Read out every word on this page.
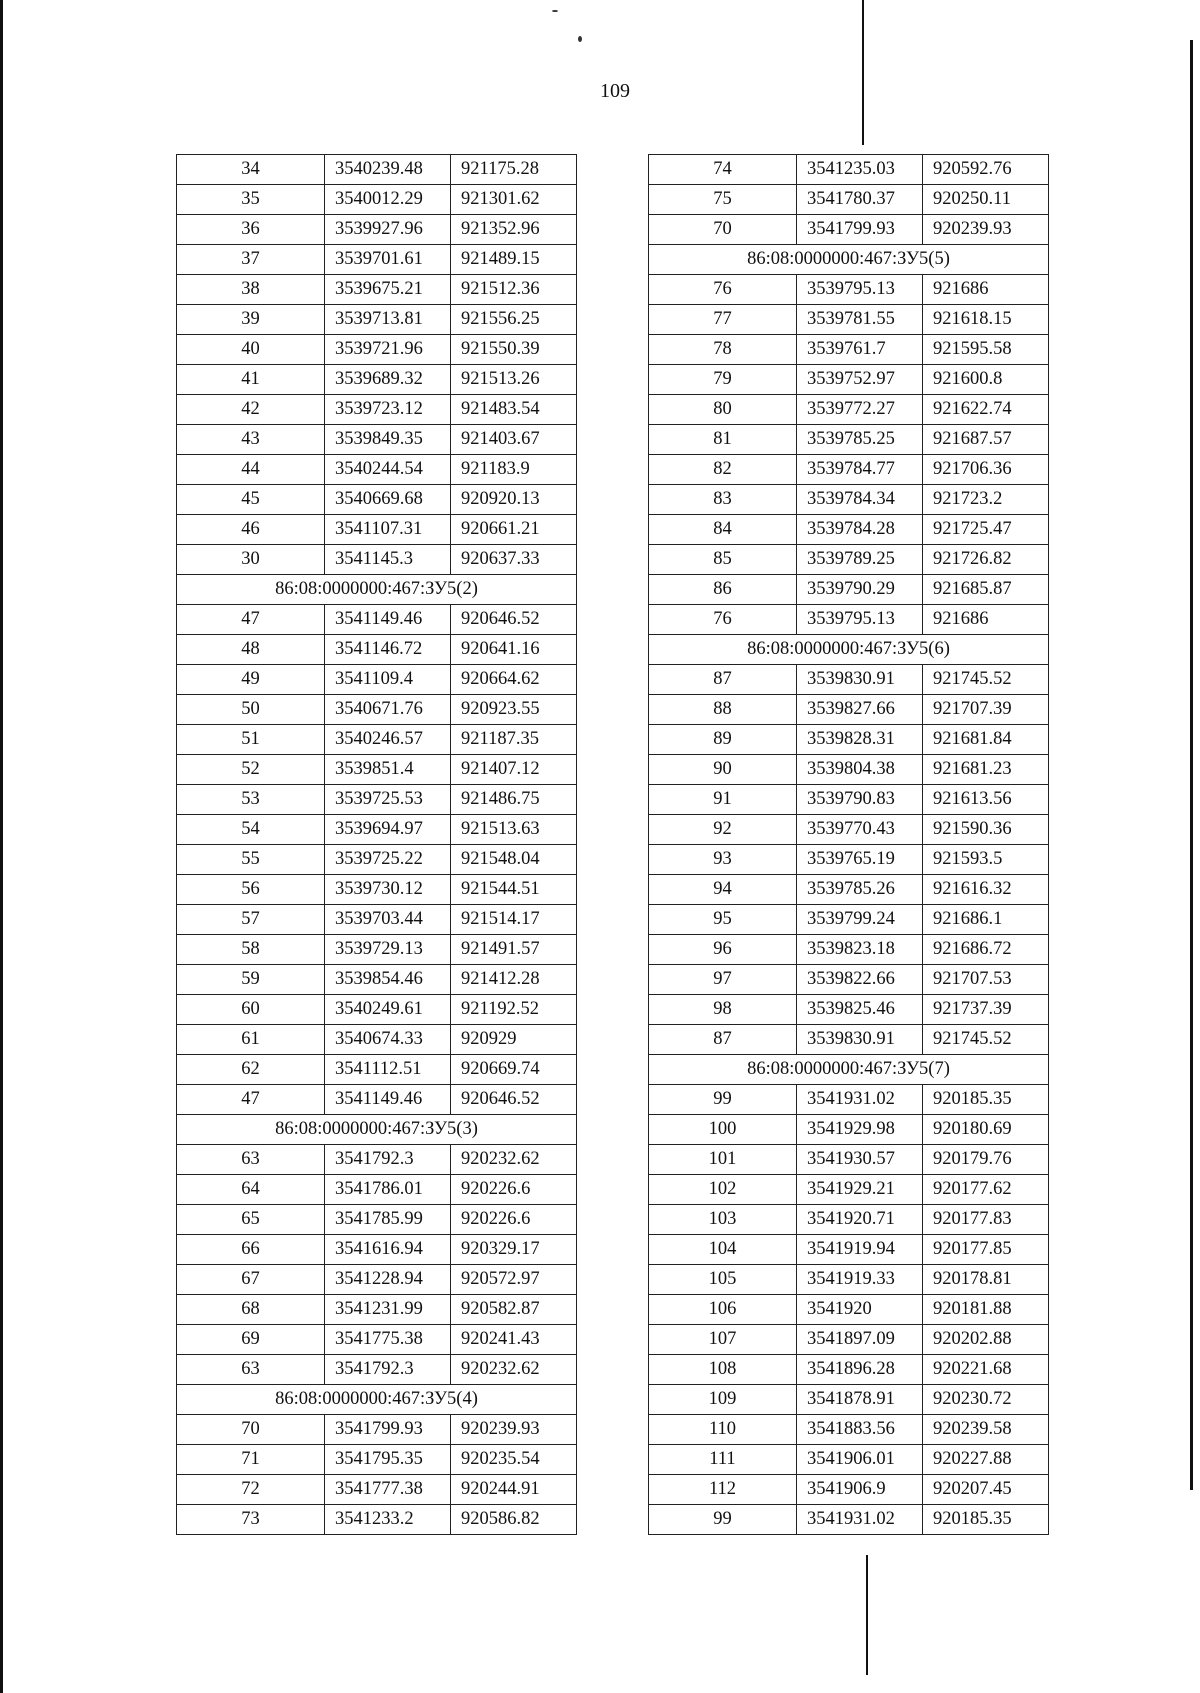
109
34	3540239.48	921175.28
35	3540012.29	921301.62
36	3539927.96	921352.96
37	3539701.61	921489.15
38	3539675.21	921512.36
39	3539713.81	921556.25
40	3539721.96	921550.39
41	3539689.32	921513.26
42	3539723.12	921483.54
43	3539849.35	921403.67
44	3540244.54	921183.9
45	3540669.68	920920.13
46	3541107.31	920661.21
30	3541145.3	920637.33
86:08:0000000:467:ЗУ5(2)		
47	3541149.46	920646.52
48	3541146.72	920641.16
49	3541109.4	920664.62
50	3540671.76	920923.55
51	3540246.57	921187.35
52	3539851.4	921407.12
53	3539725.53	921486.75
54	3539694.97	921513.63
55	3539725.22	921548.04
56	3539730.12	921544.51
57	3539703.44	921514.17
58	3539729.13	921491.57
59	3539854.46	921412.28
60	3540249.61	921192.52
61	3540674.33	920929
62	3541112.51	920669.74
47	3541149.46	920646.52
86:08:0000000:467:ЗУ5(3)		
63	3541792.3	920232.62
64	3541786.01	920226.6
65	3541785.99	920226.6
66	3541616.94	920329.17
67	3541228.94	920572.97
68	3541231.99	920582.87
69	3541775.38	920241.43
63	3541792.3	920232.62
86:08:0000000:467:ЗУ5(4)		
70	3541799.93	920239.93
71	3541795.35	920235.54
72	3541777.38	920244.91
73	3541233.2	920586.82
74	3541235.03	920592.76
75	3541780.37	920250.11
70	3541799.93	920239.93
86:08:0000000:467:ЗУ5(5)		
76	3539795.13	921686
77	3539781.55	921618.15
78	3539761.7	921595.58
79	3539752.97	921600.8
80	3539772.27	921622.74
81	3539785.25	921687.57
82	3539784.77	921706.36
83	3539784.34	921723.2
84	3539784.28	921725.47
85	3539789.25	921726.82
86	3539790.29	921685.87
76	3539795.13	921686
86:08:0000000:467:ЗУ5(6)		
87	3539830.91	921745.52
88	3539827.66	921707.39
89	3539828.31	921681.84
90	3539804.38	921681.23
91	3539790.83	921613.56
92	3539770.43	921590.36
93	3539765.19	921593.5
94	3539785.26	921616.32
95	3539799.24	921686.1
96	3539823.18	921686.72
97	3539822.66	921707.53
98	3539825.46	921737.39
87	3539830.91	921745.52
86:08:0000000:467:ЗУ5(7)		
99	3541931.02	920185.35
100	3541929.98	920180.69
101	3541930.57	920179.76
102	3541929.21	920177.62
103	3541920.71	920177.83
104	3541919.94	920177.85
105	3541919.33	920178.81
106	3541920	920181.88
107	3541897.09	920202.88
108	3541896.28	920221.68
109	3541878.91	920230.72
110	3541883.56	920239.58
111	3541906.01	920227.88
112	3541906.9	920207.45
99	3541931.02	920185.35
